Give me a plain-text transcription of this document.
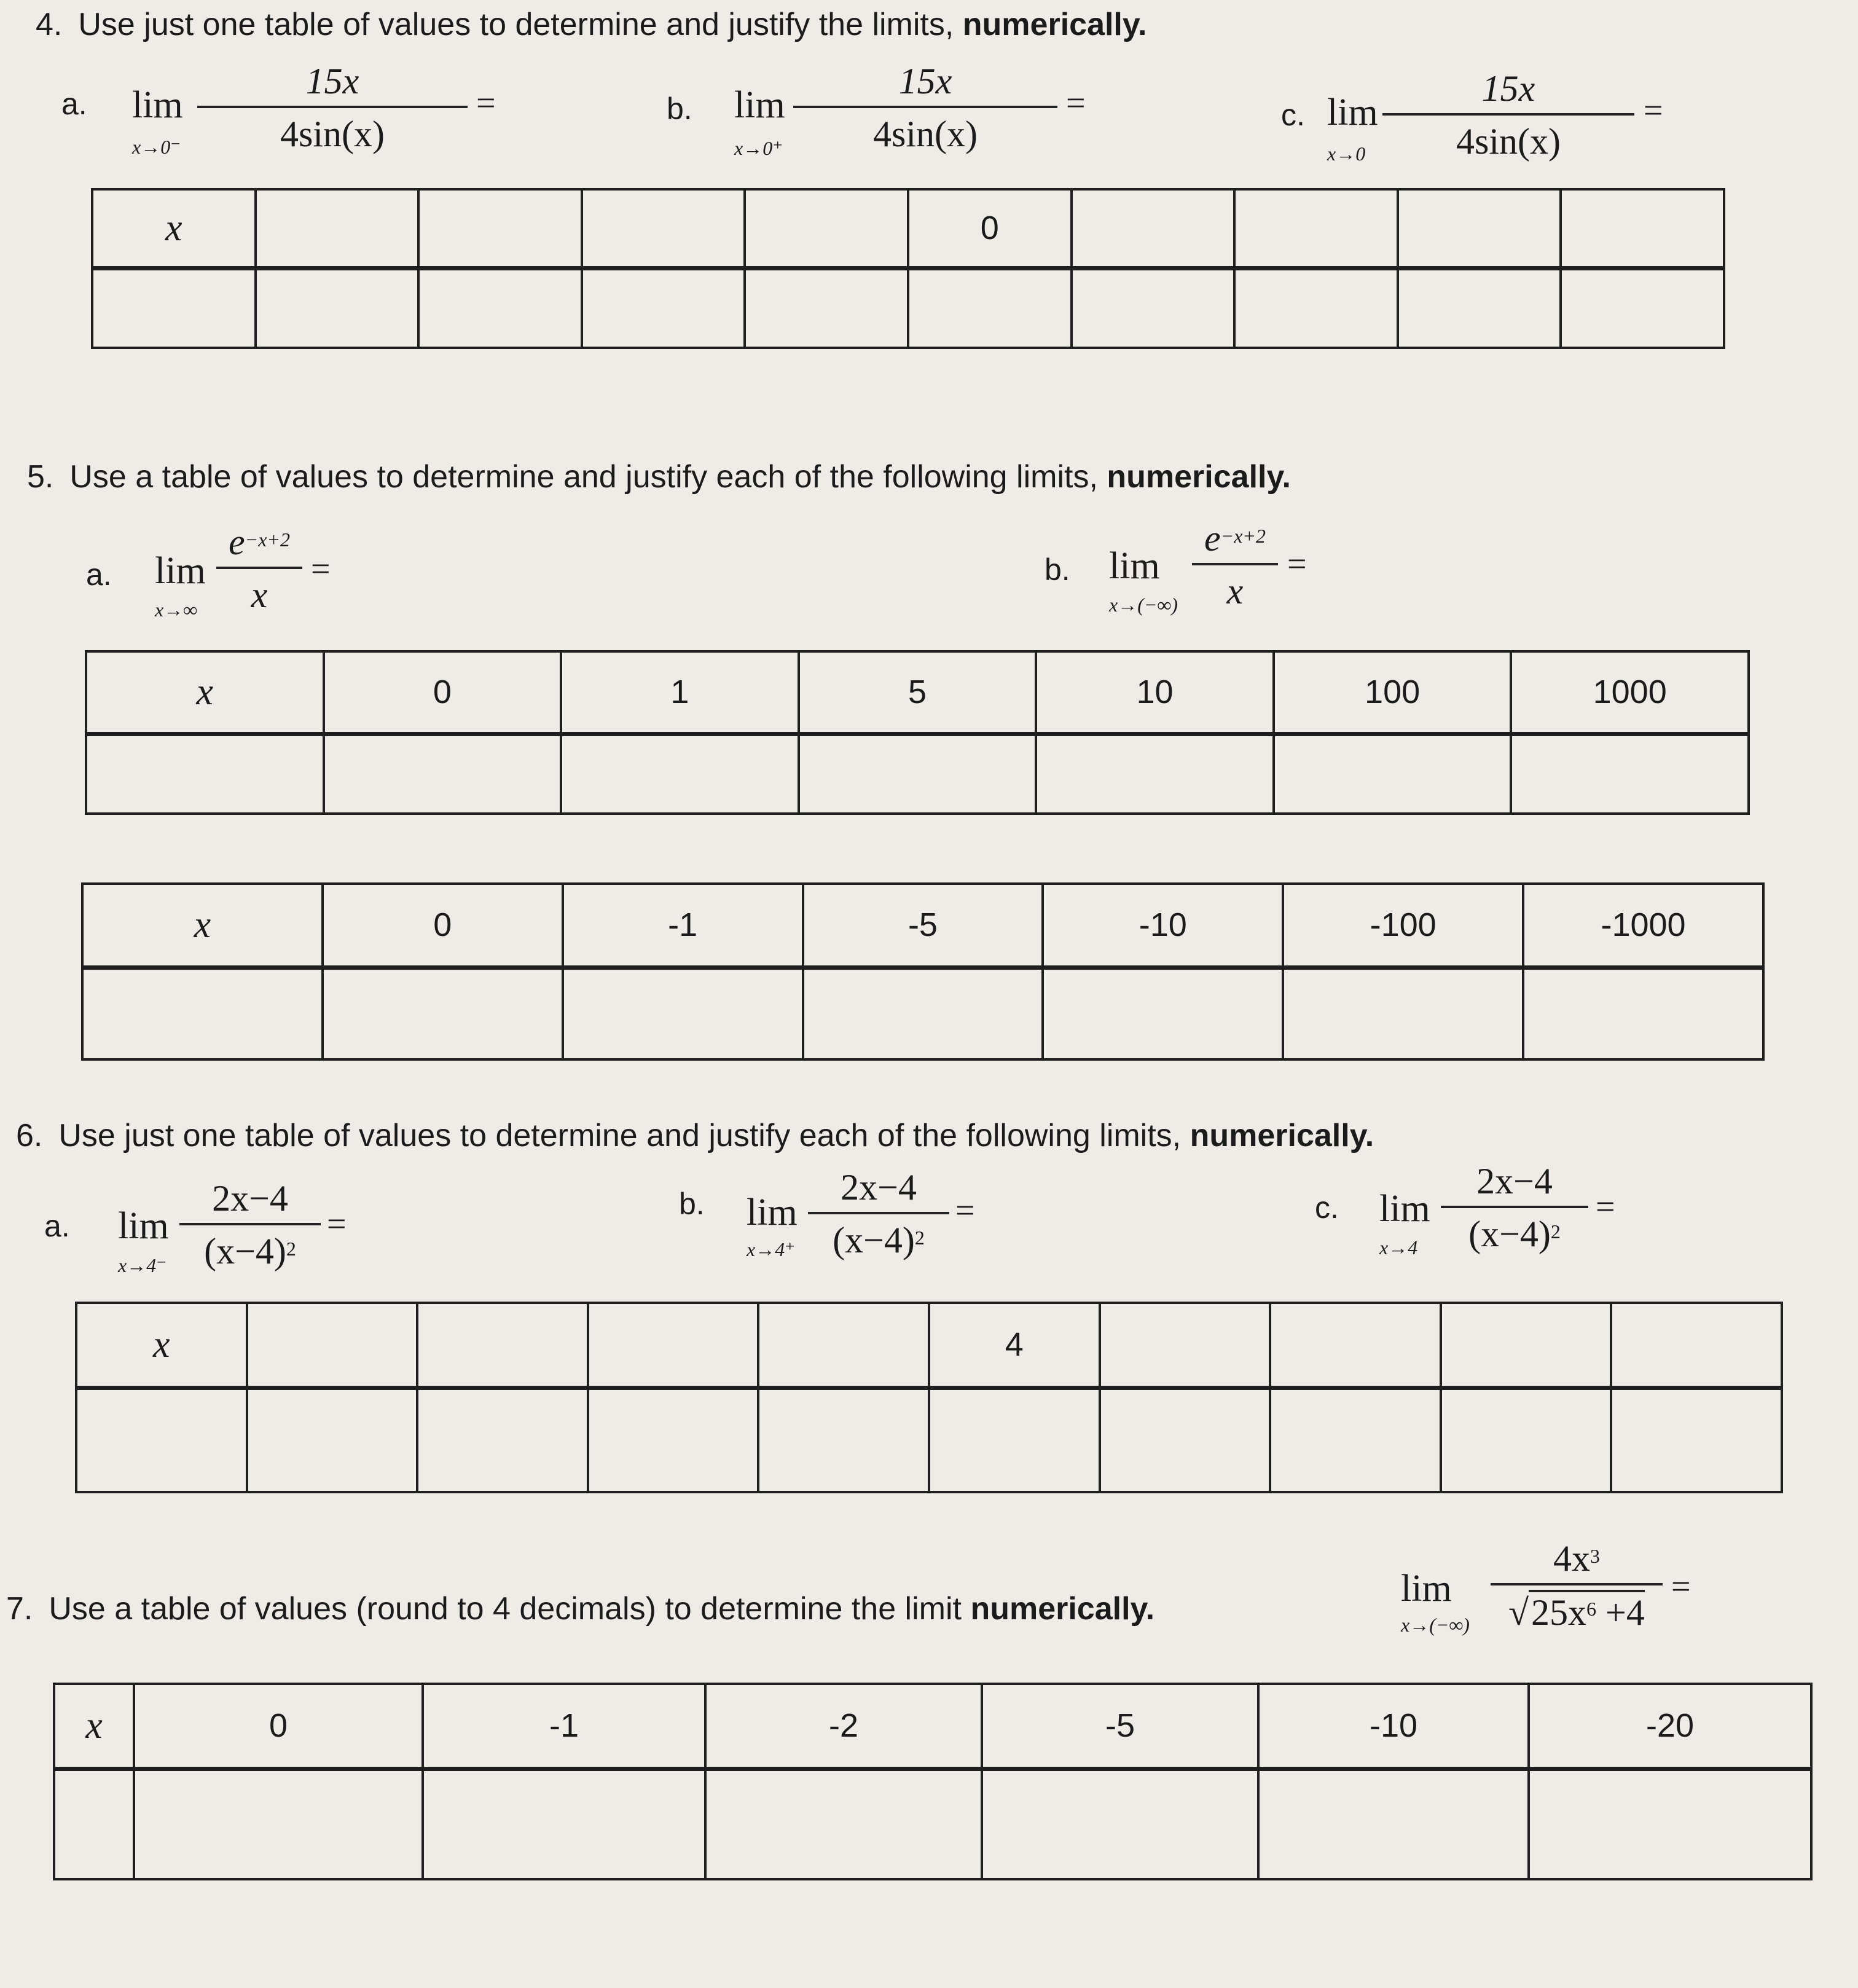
4. Use just one table of values to determine and justify the limits, numerically.
a. lim
x→0⁻
15x
4sin(x)
=	b. lim
x→0⁺
15x
4sin(x)
=	c. lim
x→0
15x
4sin(x)
=
x					0				

5. Use a table of values to determine and justify each of the following limits, numerically.
a. lim
x→∞
$e^{-x+2}$
x
=	b. lim
x→(−∞)
$e^{-x+2}$
x
=
x	0	1	5	10	100	1000

x	0	-1	-5	-10	-100	-1000

6. Use just one table of values to determine and justify each of the following limits, numerically.
a. lim
x→4⁻
2x−4
$(x-4)^2$
=
b. lim
x→4⁺
2x−4
$(x-4)^2$
=	c. lim
x→4
2x−4
$(x-4)^2$
=
x					4				

7. Use a table of values (round to 4 decimals) to determine the limit numerically.	lim
x→(−∞)
$4x^3$
$√25x^6 +4$
=
x	0	-1	-2	-5	-10	-20
